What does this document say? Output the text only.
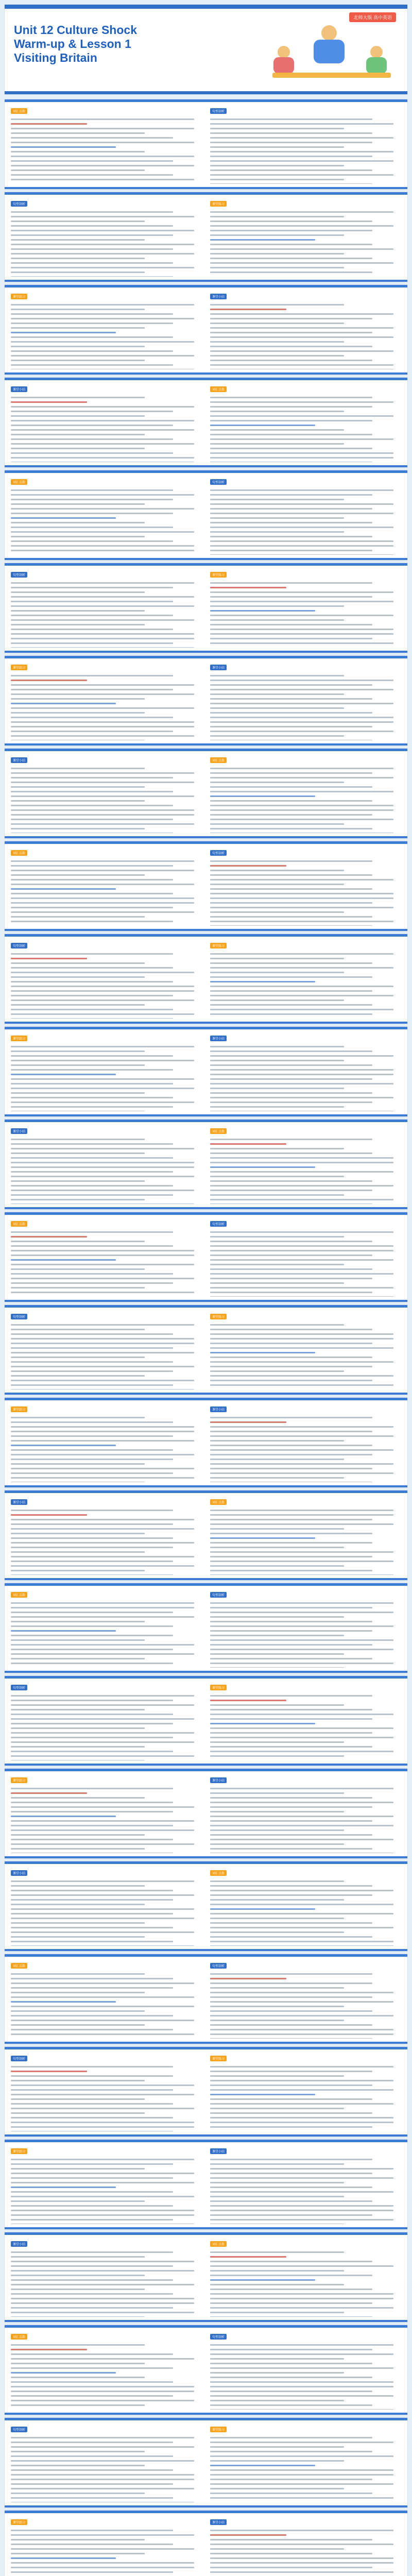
北师大版 高中英语
Unit 12 Culture Shock
Warm-up & Lesson 1
Visiting Britain
词汇点拨	句型剖析
句型剖析	课堂练习
课堂练习	课堂小结
课堂小结	词汇点拨
词汇点拨	句型剖析
句型剖析	课堂练习
课堂练习	课堂小结
课堂小结	词汇点拨
词汇点拨	句型剖析
句型剖析	课堂练习
课堂练习	课堂小结
课堂小结	词汇点拨
词汇点拨	句型剖析
句型剖析	课堂练习
课堂练习	课堂小结
课堂小结	词汇点拨
词汇点拨	句型剖析
句型剖析	课堂练习
课堂练习	课堂小结
课堂小结	词汇点拨
词汇点拨	句型剖析
句型剖析	课堂练习
课堂练习	课堂小结
课堂小结	词汇点拨
词汇点拨	句型剖析
句型剖析	课堂练习
课堂练习	课堂小结
